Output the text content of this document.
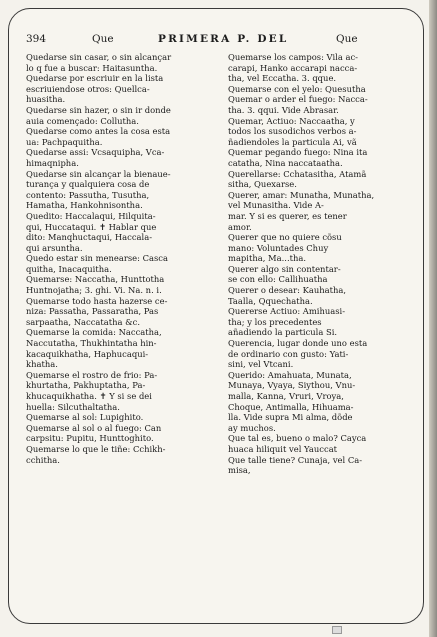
394	Que	PRIMERA P. DEL	Que
Quedarse sin casar, o sin alcançar
lo q fue a buscar: Haitasuntha.
Quedarse por escriuir en la lista
escriuiendose otros: Quellca-
huasitha.
Quedarse sin hazer, o sin ir donde
auia començado: Collutha.
Quedarse como antes la cosa esta
ua: Pachpaquitha.
Quedarse assi: Vcsaquipha, Vca-
himaqnipha.
Quedarse sin alcançar la bienaue-
turança y qualquiera cosa de
contento: Passutha, Tusutha,
Hamatha, Hankohnisontha.
Quedito: Haccalaqui, Hilquita-
qui, Huccataqui. ✝ Hablar que
dito: Manqhuctaqui, Haccala-
qui arsuntha.
Quedo estar sin menearse: Casca
quitha, Inacaquitha.
Quemarse: Naccatha, Hunttotha
Huntnojatha; 3. ghi. Vi. Na. n. i.
Quemarse todo hasta hazerse ce-
niza: Passatha, Passaratha, Pas
sarpaatha, Naccatatha &c.
Quemarse la comida: Naccatha,
Naccutatha, Thukhintatha hin-
kacaquikhatha, Haphucaqui-
khatha.
Quemarse el rostro de frio: Pa-
khurtatha, Pakhuptatha, Pa-
khucaquikhatha. ✝ Y si se dei
huella: Silcuthaltatha.
Quemarse al sol: Lupighito.
Quemarse al sol o al fuego: Can
carpsitu: Pupitu, Hunttoghito.
Quemarse lo que le tiñe: Cchikh-
cchitha.
Quemarse los campos: Vila ac-
carapi, Hanko accarapi nacca-
tha, vel Eccatha. 3. qque.
Quemarse con el yelo: Quesutha
Quemar o arder el fuego: Nacca-
tha. 3. qqui. Vide Abrasar.
Quemar, Actiuo: Naccaatha, y
todos los susodichos verbos a-
ñadiendoles la particula Ai, vã
Quemar pegando fuego: Nina ita
catatha, Nina naccataatha.
Querellarse: Cchatasitha, Atamã
sitha, Quexarse.
Querer, amar: Munatha, Munatha,
vel Munasitha. Vide A-
mar. Y si es querer, es tener
amor.
Querer que no quiere cõsu
mano: Voluntades Chuy
mapitha, Ma...tha.
Querer algo sin contentar-
se con ello: Callihuatha
Querer o desear: Kauhatha,
Taalla, Qquechatha.
Quererse Actiuo: Amihuasi-
tha; y los precedentes
añadiendo la particula Si.
Querencia, lugar donde uno esta
de ordinario con gusto: Yati-
sini, vel Vtcani.
Querido: Amahuata, Munata,
Munaya, Vyaya, Siythou, Vnu-
malla, Kanna, Vruri, Vroya,
Choque, Antimalla, Hihuama-
lla. Vide supra Mi alma, dõde
ay muchos.
Que tal es, bueno o malo? Cayca
huaca hiliquit vel Yauccat
Que talle tiene? Cunaja, vel Ca-
misa,
